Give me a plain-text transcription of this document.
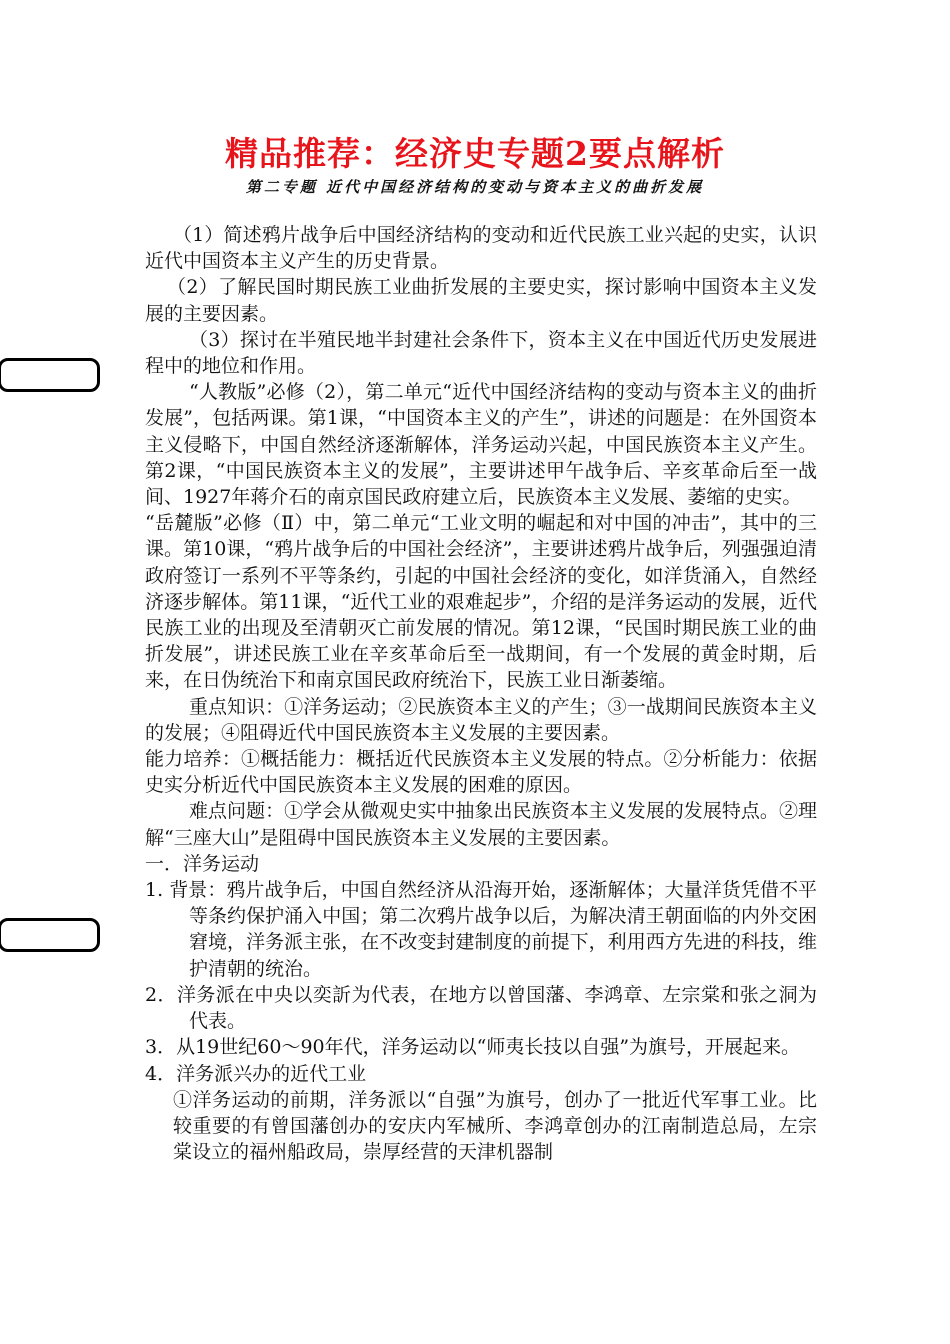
精品推荐：经济史专题2要点解析
第二专题 近代中国经济结构的变动与资本主义的曲折发展

（1）简述鸦片战争后中国经济结构的变动和近代民族工业兴起的史实，认识近代中国资本主义产生的历史背景。

（2）了解民国时期民族工业曲折发展的主要史实，探讨影响中国资本主义发展的主要因素。

（3）探讨在半殖民地半封建社会条件下，资本主义在中国近代历史发展进程中的地位和作用。

“人教版”必修（2），第二单元“近代中国经济结构的变动与资本主义的曲折发展”，包括两课。第1课，“中国资本主义的产生”，讲述的问题是：在外国资本主义侵略下，中国自然经济逐渐解体，洋务运动兴起，中国民族资本主义产生。第2课，“中国民族资本主义的发展”，主要讲述甲午战争后、辛亥革命后至一战间、1927年蒋介石的南京国民政府建立后，民族资本主义发展、萎缩的史实。

“岳麓版”必修（Ⅱ）中，第二单元“工业文明的崛起和对中国的冲击”，其中的三课。第10课，“鸦片战争后的中国社会经济”，主要讲述鸦片战争后，列强强迫清政府签订一系列不平等条约，引起的中国社会经济的变化，如洋货涌入，自然经济逐步解体。第11课，“近代工业的艰难起步”，介绍的是洋务运动的发展，近代民族工业的出现及至清朝灭亡前发展的情况。第12课，“民国时期民族工业的曲折发展”，讲述民族工业在辛亥革命后至一战期间，有一个发展的黄金时期，后来，在日伪统治下和南京国民政府统治下，民族工业日渐萎缩。

重点知识：①洋务运动；②民族资本主义的产生；③一战期间民族资本主义的发展；④阻碍近代中国民族资本主义发展的主要因素。

能力培养：①概括能力：概括近代民族资本主义发展的特点。②分析能力：依据史实分析近代中国民族资本主义发展的困难的原因。

难点问题：①学会从微观史实中抽象出民族资本主义发展的发展特点。②理解“三座大山”是阻碍中国民族资本主义发展的主要因素。

一．洋务运动

1. 背景：鸦片战争后，中国自然经济从沿海开始，逐渐解体；大量洋货凭借不平等条约保护涌入中国；第二次鸦片战争以后，为解决清王朝面临的内外交困窘境，洋务派主张，在不改变封建制度的前提下，利用西方先进的科技，维护清朝的统治。

2．洋务派在中央以奕訢为代表，在地方以曾国藩、李鸿章、左宗棠和张之洞为代表。

3．从19世纪60～90年代，洋务运动以“师夷长技以自强”为旗号，开展起来。

4．洋务派兴办的近代工业

①洋务运动的前期，洋务派以“自强”为旗号，创办了一批近代军事工业。比较重要的有曾国藩创办的安庆内军械所、李鸿章创办的江南制造总局，左宗棠设立的福州船政局，崇厚经营的天津机器制
